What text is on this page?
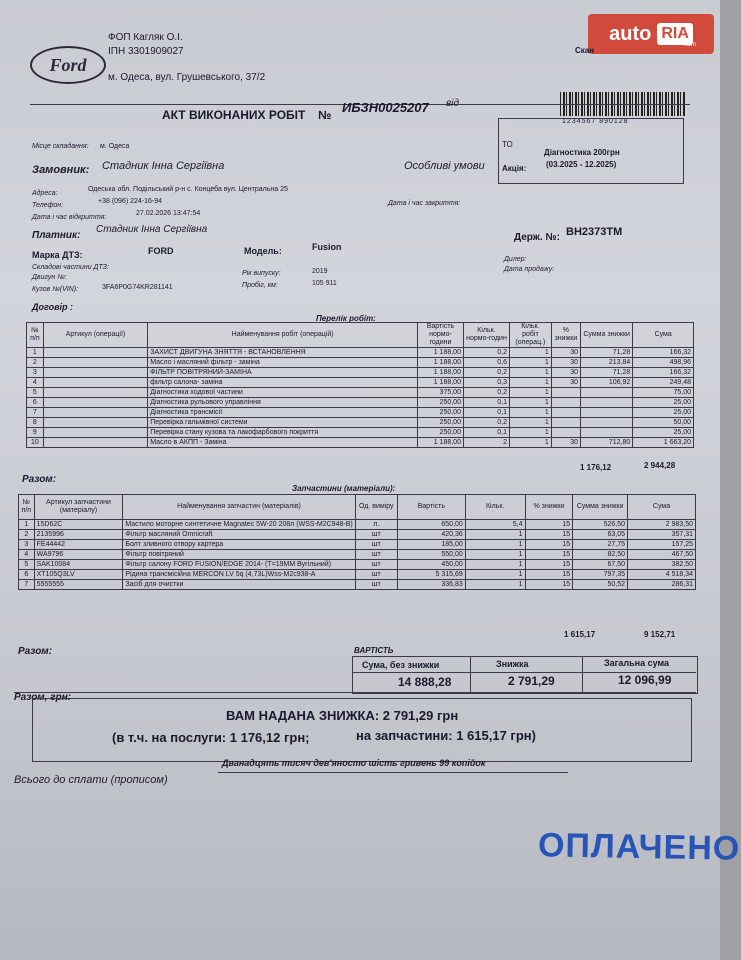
Ford
ФОП Кагляк О.І.
ІПН 3301909027
м. Одеса, вул. Грушевського, 37/2
auto RIA
.com
Скан
1234567 890128
АКТ ВИКОНАНИХ РОБІТ № ИБЗН0025207 від
Місце складання: м. Одеса
Замовник: Стадник Інна Сергіївна	Особливі умови
ТО
Акція:
Діагностика 200грн
(03.2025 - 12.2025)
Адреса:
Одеська обл. Подільський р-н с. Концеба вул. Центральна 25
Телефон:
+38 (096) 224-16-94
Дата і час відкриття:
27.02.2026 13:47:54
Дата і час закриття:
Платник:
Стадник Інна Сергіївна
Марка ДТЗ:	FORD	Модель:	Fusion
Держ. №: ВН2373ТМ
Складові частини ДТЗ:
Двигун №:
Рік випуску:	2019
Дилер:
Дата продажу:
Кузов №(VIN):	3FA6P0G74KR281141	Пробіг, км:	105 911
Договір :
Перелік робіт:
№ п/п	Артикул (операції)	Найменування робіт (операцій)	Вартість нормо-години	Кільк. нормо-годин	Кільк. робіт (операц.)	% знижки	Сумма знижки	Сума
1		ЗАХИСТ ДВИГУНА ЗНЯТТЯ - ВСТАНОВЛЕННЯ	1 188,00	0,2	1	30	71,28	166,32
2		Масло і масляний фільтр - заміна	1 188,00	0,6	1	30	213,84	498,96
3		ФІЛЬТР ПОВІТРЯНИЙ-ЗАМІНА	1 188,00	0,2	1	30	71,28	166,32
4		фільтр салона- заміна	1 188,00	0,3	1	30	106,92	249,48
5		Діагностика ходової частини	375,00	0,2	1			75,00
6		Діагностика рульового управління	250,00	0,1	1			25,00
7		Діагностика трансмісії	250,00	0,1	1			25,00
8		Перевірка гальмівної системи	250,00	0,2	1			50,00
9		Перевірка стану кузова та лакофарбового покриття	250,00	0,1	1			25,00
10		Масло в АКПП - Заміна	1 188,00	2	1	30	712,80	1 663,20
Разом:
1 176,12	2 944,28
Запчастини (матеріали):
№ п/п	Артикул запчастини (матеріалу)	Найменування запчастин (матеріалів)	Од. виміру	Вартість	Кільк.	% знижки	Сумма знижки	Сума
1	15D62C	Мастило моторне синтетичне Magnatec 5W-20 208л (WSS-M2C948-B)	л.	650,00	5,4	15	526,50	2 983,50
2	2135996	Фільтр масляний Omnicraft	шт	420,36	1	15	63,05	357,31
3	FE44442	Болт зливного отвору картера	шт	185,00	1	15	27,75	157,25
4	WA9796	Фільтр повітряний	шт	550,00	1	15	82,50	467,50
5	SAK10084	Фільтр салону FORD FUSION/EDGE 2014- (T=19MM Вугільний)	шт	450,00	1	15	67,50	382,50
6	XT105Q3LV	Рідина трансмісійна MERCON LV 5q (4,73L)Wss-M2c938-A	шт	5 315,69	1	15	797,35	4 518,34
7	5555555	Засіб для очистки	шт	336,83	1	15	50,52	286,31
1 615,17	9 152,71
Разом:	ВАРТІСТЬ
Сума, без знижки	Знижка	Загальна сума
14 888,28	2 791,29	12 096,99
Разом, грн:
ВАМ НАДАНА ЗНИЖКА: 2 791,29 грн
(в т.ч. на послуги: 1 176,12 грн;	на запчастини: 1 615,17 грн)
Всього до сплати (прописом)
Дванадцять тисяч дев'яносто шість гривень 99 копійок
ОПЛАЧЕНО
